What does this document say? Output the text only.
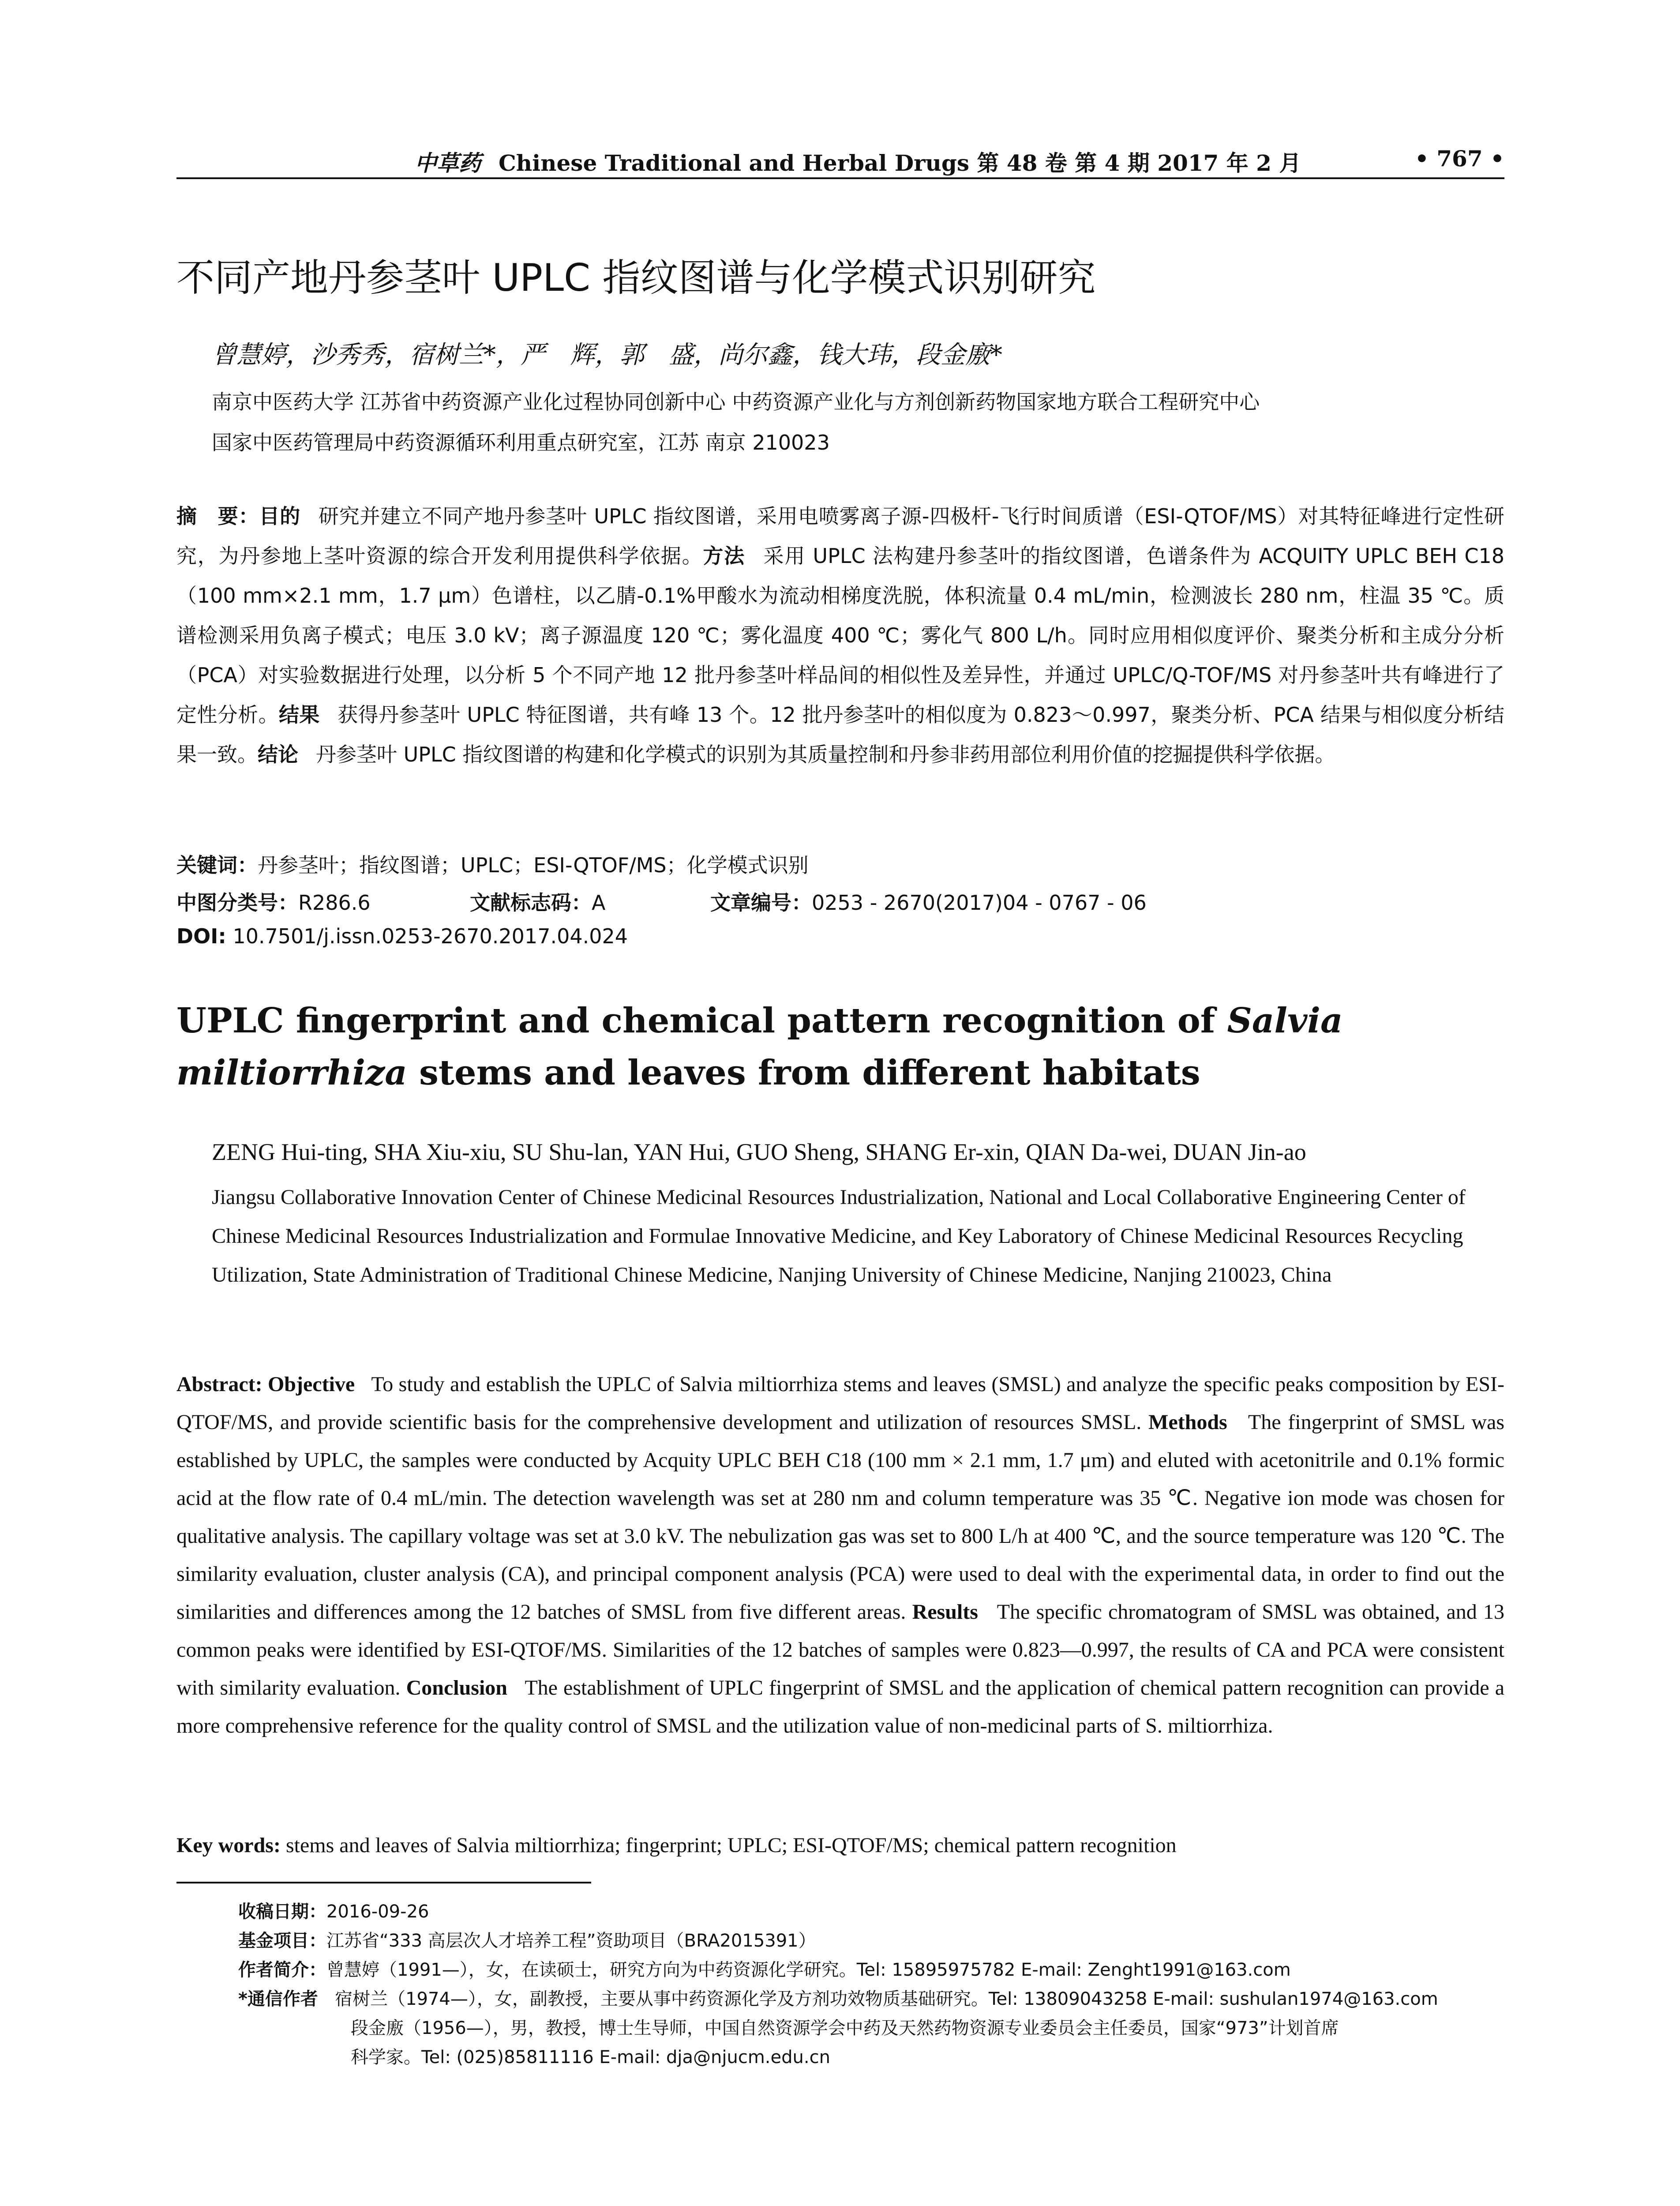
中草药 Chinese Traditional and Herbal Drugs 第 48 卷 第 4 期 2017 年 2 月	• 767 •
不同产地丹参茎叶 UPLC 指纹图谱与化学模式识别研究
曾慧婷，沙秀秀，宿树兰*，严　辉，郭　盛，尚尔鑫，钱大玮，段金廒*
南京中医药大学 江苏省中药资源产业化过程协同创新中心 中药资源产业化与方剂创新药物国家地方联合工程研究中心
国家中医药管理局中药资源循环利用重点研究室，江苏 南京 210023
摘　要：目的 研究并建立不同产地丹参茎叶 UPLC 指纹图谱，采用电喷雾离子源-四极杆-飞行时间质谱（ESI-QTOF/MS）对其特征峰进行定性研究，为丹参地上茎叶资源的综合开发利用提供科学依据。方法 采用 UPLC 法构建丹参茎叶的指纹图谱，色谱条件为 ACQUITY UPLC BEH C18（100 mm×2.1 mm，1.7 μm）色谱柱，以乙腈-0.1%甲酸水为流动相梯度洗脱，体积流量 0.4 mL/min，检测波长 280 nm，柱温 35 ℃。质谱检测采用负离子模式；电压 3.0 kV；离子源温度 120 ℃；雾化温度 400 ℃；雾化气 800 L/h。同时应用相似度评价、聚类分析和主成分分析（PCA）对实验数据进行处理，以分析 5 个不同产地 12 批丹参茎叶样品间的相似性及差异性，并通过 UPLC/Q-TOF/MS 对丹参茎叶共有峰进行了定性分析。结果 获得丹参茎叶 UPLC 特征图谱，共有峰 13 个。12 批丹参茎叶的相似度为 0.823～0.997，聚类分析、PCA 结果与相似度分析结果一致。结论 丹参茎叶 UPLC 指纹图谱的构建和化学模式的识别为其质量控制和丹参非药用部位利用价值的挖掘提供科学依据。
关键词：丹参茎叶；指纹图谱；UPLC；ESI-QTOF/MS；化学模式识别
中图分类号：R286.6	文献标志码：A	文章编号：0253 - 2670(2017)04 - 0767 - 06
DOI: 10.7501/j.issn.0253-2670.2017.04.024
UPLC fingerprint and chemical pattern recognition of Salvia miltiorrhiza stems and leaves from different habitats
ZENG Hui-ting, SHA Xiu-xiu, SU Shu-lan, YAN Hui, GUO Sheng, SHANG Er-xin, QIAN Da-wei, DUAN Jin-ao
Jiangsu Collaborative Innovation Center of Chinese Medicinal Resources Industrialization, National and Local Collaborative Engineering Center of Chinese Medicinal Resources Industrialization and Formulae Innovative Medicine, and Key Laboratory of Chinese Medicinal Resources Recycling Utilization, State Administration of Traditional Chinese Medicine, Nanjing University of Chinese Medicine, Nanjing 210023, China
Abstract: Objective To study and establish the UPLC of Salvia miltiorrhiza stems and leaves (SMSL) and analyze the specific peaks composition by ESI-QTOF/MS, and provide scientific basis for the comprehensive development and utilization of resources SMSL. Methods The fingerprint of SMSL was established by UPLC, the samples were conducted by Acquity UPLC BEH C18 (100 mm × 2.1 mm, 1.7 μm) and eluted with acetonitrile and 0.1% formic acid at the flow rate of 0.4 mL/min. The detection wavelength was set at 280 nm and column temperature was 35 ℃. Negative ion mode was chosen for qualitative analysis. The capillary voltage was set at 3.0 kV. The nebulization gas was set to 800 L/h at 400 ℃, and the source temperature was 120 ℃. The similarity evaluation, cluster analysis (CA), and principal component analysis (PCA) were used to deal with the experimental data, in order to find out the similarities and differences among the 12 batches of SMSL from five different areas. Results The specific chromatogram of SMSL was obtained, and 13 common peaks were identified by ESI-QTOF/MS. Similarities of the 12 batches of samples were 0.823—0.997, the results of CA and PCA were consistent with similarity evaluation. Conclusion The establishment of UPLC fingerprint of SMSL and the application of chemical pattern recognition can provide a more comprehensive reference for the quality control of SMSL and the utilization value of non-medicinal parts of S. miltiorrhiza.
Key words: stems and leaves of Salvia miltiorrhiza; fingerprint; UPLC; ESI-QTOF/MS; chemical pattern recognition
收稿日期：2016-09-26
基金项目：江苏省“333 高层次人才培养工程”资助项目（BRA2015391）
作者简介：曾慧婷（1991—），女，在读硕士，研究方向为中药资源化学研究。Tel: 15895975782 E-mail: Zenght1991@163.com
*通信作者 宿树兰（1974—），女，副教授，主要从事中药资源化学及方剂功效物质基础研究。Tel: 13809043258 E-mail: sushulan1974@163.com
段金廒（1956—），男，教授，博士生导师，中国自然资源学会中药及天然药物资源专业委员会主任委员，国家“973”计划首席
科学家。Tel: (025)85811116 E-mail: dja@njucm.edu.cn
